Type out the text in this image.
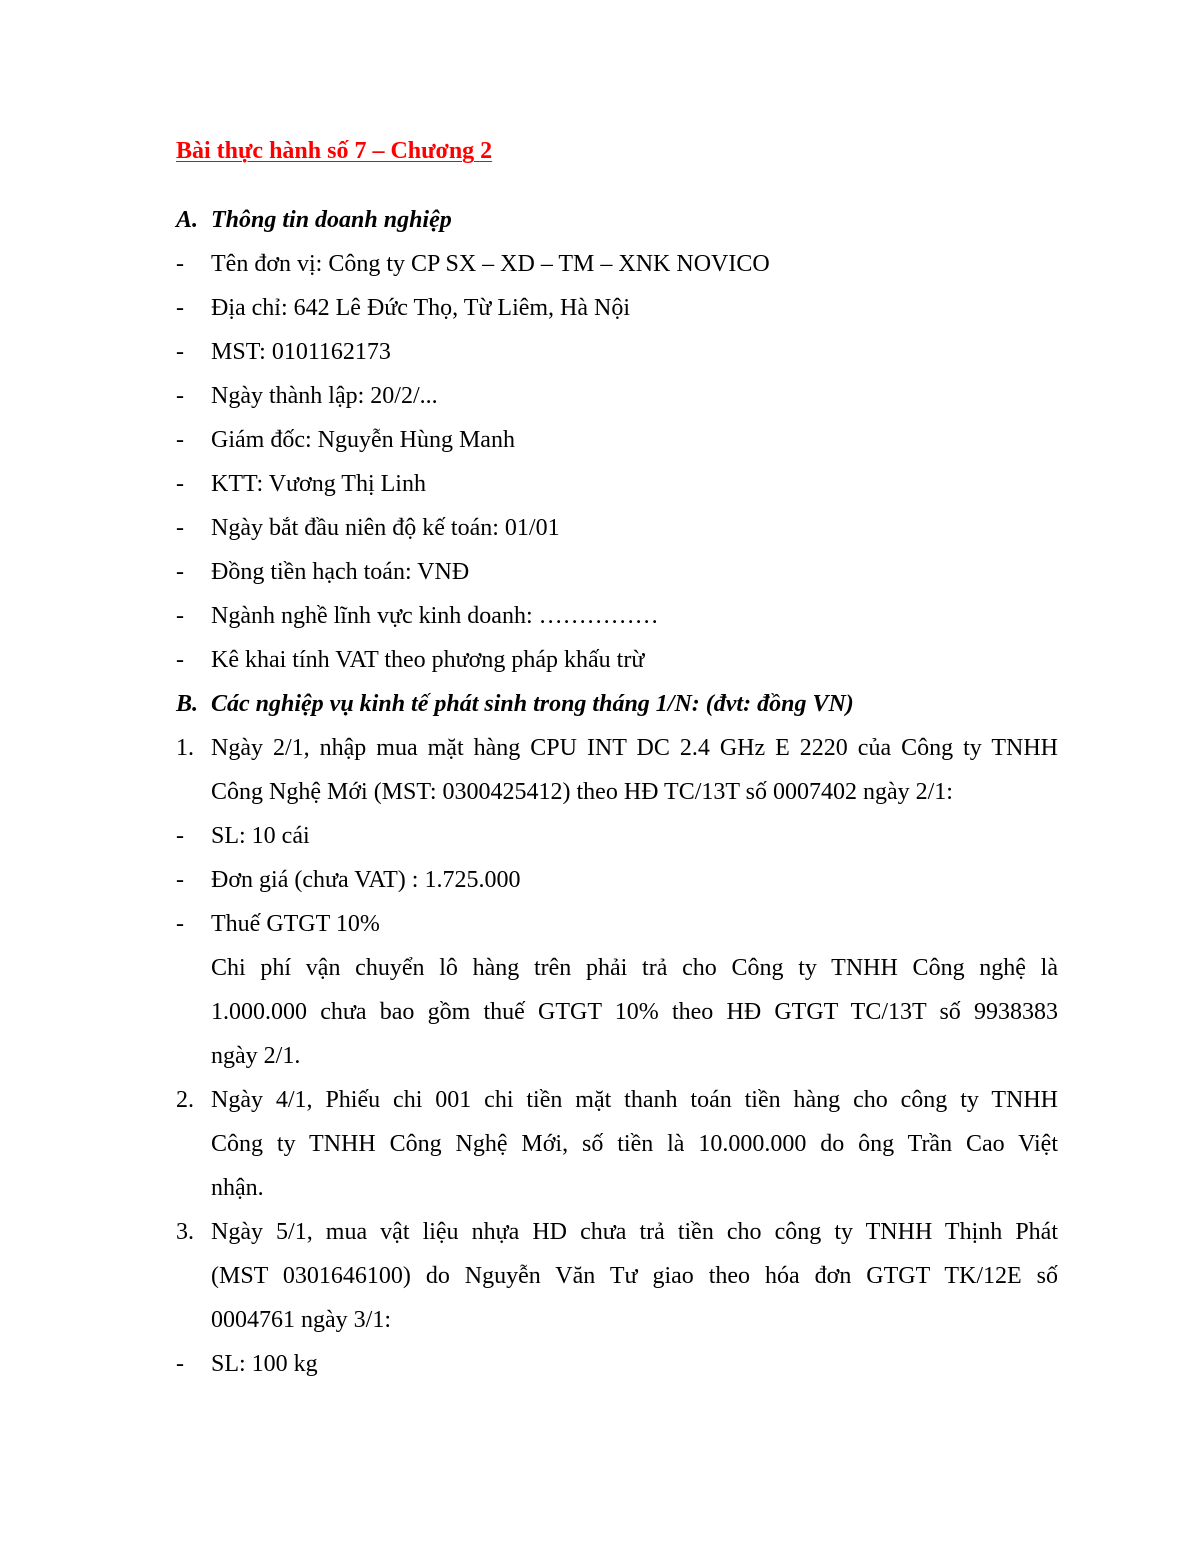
Bài thực hành số 7 – Chương 2
A. Thông tin doanh nghiệp
- Tên đơn vị: Công ty CP SX – XD – TM – XNK NOVICO
- Địa chỉ: 642 Lê Đức Thọ, Từ Liêm, Hà Nội
- MST: 0101162173
- Ngày thành lập: 20/2/...
- Giám đốc: Nguyễn Hùng Manh
- KTT: Vương Thị Linh
- Ngày bắt đầu niên độ kế toán: 01/01
- Đồng tiền hạch toán: VNĐ
- Ngành nghề lĩnh vực kinh doanh: ……………
- Kê khai tính VAT theo phương pháp khấu trừ
B. Các nghiệp vụ kinh tế phát sinh trong tháng 1/N: (đvt: đồng VN)
1. Ngày 2/1, nhập mua mặt hàng CPU INT DC 2.4 GHz E 2220 của Công ty TNHH
Công Nghệ Mới (MST: 0300425412) theo HĐ TC/13T số 0007402 ngày 2/1:
- SL: 10 cái
- Đơn giá (chưa VAT) : 1.725.000
- Thuế GTGT 10%
Chi phí vận chuyển lô hàng trên phải trả cho Công ty TNHH Công nghệ là
1.000.000 chưa bao gồm thuế GTGT 10% theo HĐ GTGT TC/13T số 9938383
ngày 2/1.
2. Ngày 4/1, Phiếu chi 001 chi tiền mặt thanh toán tiền hàng cho công ty TNHH
Công ty TNHH Công Nghệ Mới, số tiền là 10.000.000 do ông Trần Cao Việt
nhận.
3. Ngày 5/1, mua vật liệu nhựa HD chưa trả tiền cho công ty TNHH Thịnh Phát
(MST 0301646100) do Nguyễn Văn Tư giao theo hóa đơn GTGT TK/12E số
0004761 ngày 3/1:
- SL: 100 kg
